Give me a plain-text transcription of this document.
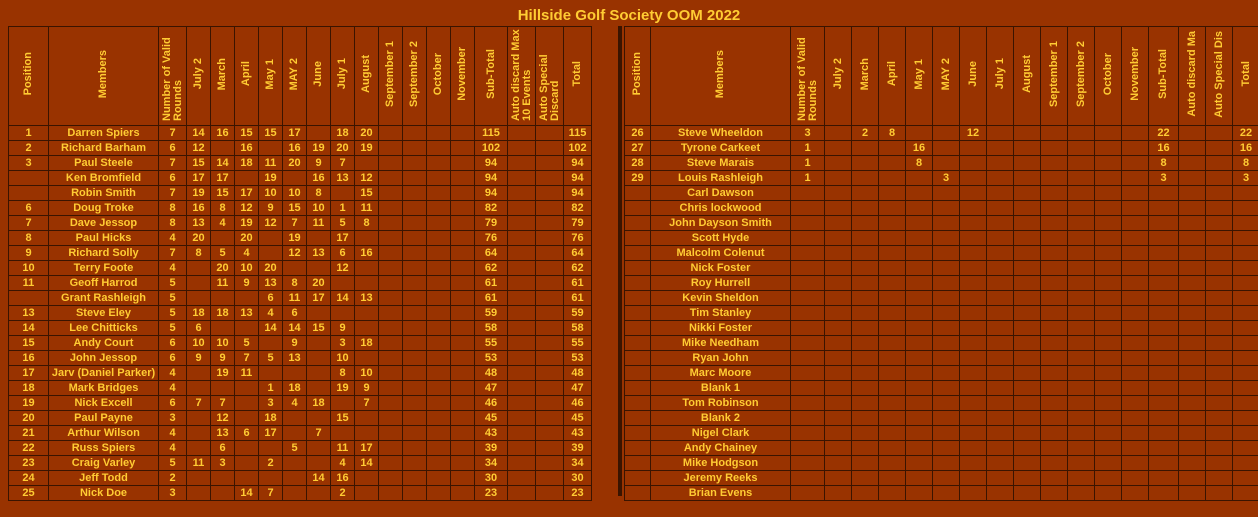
Hillside Golf Society OOM 2022
Position	Members	Number of Valid Rounds	July 2	March	April	May 1	MAY 2	June	July 1	August	September 1	September 2	October	November	Sub-Total	Auto discard Max 10 Events	Auto Special Discard	Total
1	Darren Spiers	7	14	16	15	15	17		18	20					115			115
2	Richard Barham	6	12		16		16	19	20	19					102			102
3	Paul Steele	7	15	14	18	11	20	9	7						94			94
	Ken Bromfield	6	17	17		19		16	13	12					94			94
	Robin Smith	7	19	15	17	10	10	8		15					94			94
6	Doug Troke	8	16	8	12	9	15	10	1	11					82			82
7	Dave Jessop	8	13	4	19	12	7	11	5	8					79			79
8	Paul Hicks	4	20		20		19		17						76			76
9	Richard Solly	7	8	5	4		12	13	6	16					64			64
10	Terry Foote	4		20	10	20			12						62			62
11	Geoff Harrod	5		11	9	13	8	20							61			61
	Grant Rashleigh	5				6	11	17	14	13					61			61
13	Steve Eley	5	18	18	13	4	6								59			59
14	Lee Chitticks	5	6			14	14	15	9						58			58
15	Andy Court	6	10	10	5		9		3	18					55			55
16	John Jessop	6	9	9	7	5	13		10						53			53
17	Jarv (Daniel Parker)	4		19	11				8	10					48			48
18	Mark Bridges	4				1	18		19	9					47			47
19	Nick Excell	6	7	7		3	4	18		7					46			46
20	Paul Payne	3		12		18			15						45			45
21	Arthur Wilson	4		13	6	17		7							43			43
22	Russ Spiers	4		6			5		11	17					39			39
23	Craig Varley	5	11	3		2			4	14					34			34
24	Jeff Todd	2						14	16						30			30
25	Nick Doe	3			14	7			2						23			23
Position	Members	Number of Valid Rounds	July 2	March	April	May 1	MAY 2	June	July 1	August	September 1	September 2	October	November	Sub-Total	Auto discard Ma	Auto Special Dis	Total
26	Steve Wheeldon	3		2	8			12							22			22
27	Tyrone Carkeet	1				16									16			16
28	Steve Marais	1				8									8			8
29	Louis Rashleigh	1					3								3			3
	Carl Dawson																	
	Chris lockwood																	
	John Dayson Smith																	
	Scott Hyde																	
	Malcolm Colenut																	
	Nick Foster																	
	Roy Hurrell																	
	Kevin Sheldon																	
	Tim Stanley																	
	Nikki Foster																	
	Mike Needham																	
	Ryan John																	
	Marc Moore																	
	Blank 1																	
	Tom Robinson																	
	Blank 2																	
	Nigel Clark																	
	Andy Chainey																	
	Mike Hodgson																	
	Jeremy Reeks																	
	Brian Evens																	
